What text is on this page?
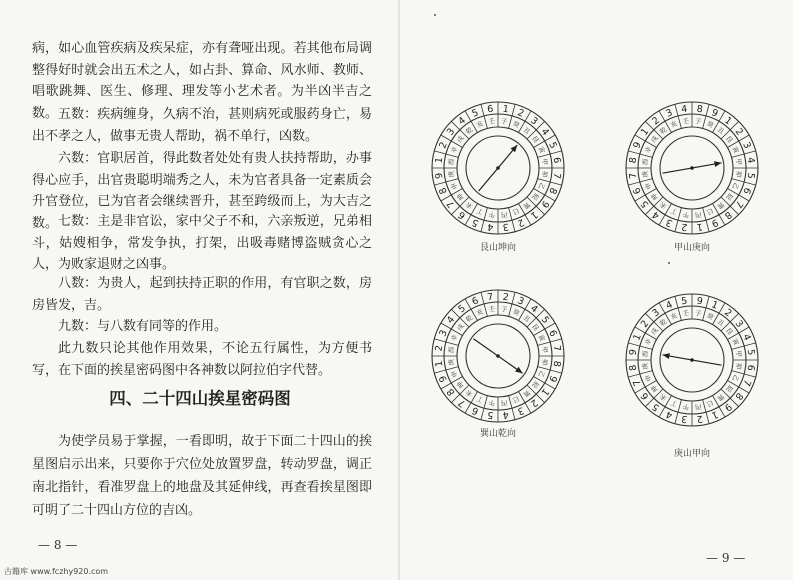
病，如心血管疾病及疾呆症，亦有聋哑出现。若其他布局调整得好时就会出五术之人，如占卦、算命、风水师、教师、唱歌跳舞、医生、修理、理发等小艺术者。为半凶半吉之数。 五数：疾病缠身，久病不治，甚则病死或服药身亡，易出不孝之人，做事无贵人帮助，祸不单行，凶数。

六数：官职居首，得此数者处处有贵人扶持帮助，办事得心应手，出官贵聪明端秀之人，未为官者具备一定素质会升官登位，已为官者会继续晋升，甚至跨级而上，为大吉之数。 七数：主是非官讼，家中父子不和，六亲叛逆，兄弟相斗，姑嫂相争，常发争执，打架，出吸毒赌博盗贼贪心之人，为败家退财之凶事。

八数：为贵人，起到扶持正职的作用，有官职之数，房房皆发，吉。

九数：与八数有同等的作用。

此九数只论其他作用效果，不论五行属性，为方便书写，在下面的挨星密码图中各神数以阿拉伯字代替。

四、二十四山挨星密码图

为使学员易于掌握，一看即明，故于下面二十四山的挨星图启示出来，只要你于穴位处放置罗盘，转动罗盘，调正南北指针，看准罗盘上的地盘及其延伸线，再查看挨星图即可明了二十四山方位的吉凶。

— 8 —
古籍库 www.fczhy920.com
1
子
2
癸 3
丑 4
艮
5
寅
6
甲
7
卯
8
乙
9
辰
1
巽
2
巳
3
丙
4
午
5
丁
6
未
7
坤
8 申
9 庚
1 酉
2 辛
3
戌
4
乾
5
亥
6
壬
艮山坤向
8
子
9
癸 1
丑 2
艮
3
寅
4
甲
5
卯
6
乙
7
辰
8
巽
9
巳
1
丙
2
午
3
丁
4
未
5
坤
6 申
7 庚
8 酉
9 辛
1
戌
2
乾
3
亥
4
壬
甲山庚向
2
子
3
癸 4
丑 5
艮
6
寅
7
甲
8
卯
9
乙
1
辰
2
巽
3
巳
4
丙
5
午
6
丁
7
未
8
坤
9 申
1 庚
2 酉
3 辛
4
戌
5
乾
6
亥
7
壬
巽山乾向
9
子
1
癸 2
丑 3
艮
4
寅
5
甲
6
卯
7
乙
8
辰
9
巽
1
巳
2
丙
3
午
4
丁
5
未
6
坤
7 申
8 庚
9 酉
1 辛
2
戌
3
乾
4
亥
5
壬
庚山甲向
— 9 —
